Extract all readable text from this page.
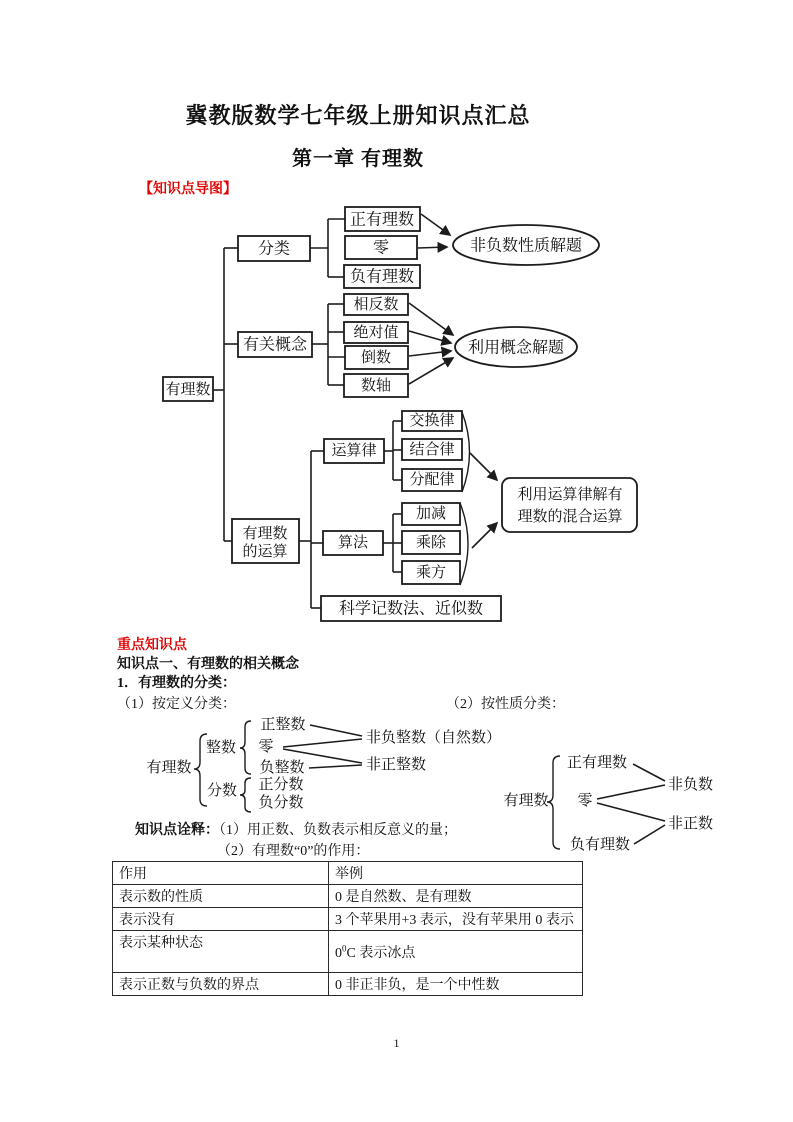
冀教版数学七年级上册知识点汇总
第一章 有理数
【知识点导图】
有理数
分类
正有理数
零
负有理数
有关概念
相反数
绝对值
倒数
数轴
有理数
的运算
运算律
交换律
结合律
分配律
算法
加减
乘除
乘方
科学记数法、近似数
非负数性质解题
利用概念解题
利用运算律解有
理数的混合运算
有理数
整数
正整数
零
负整数
分数 正分数
负分数
非负整数（自然数）
非正整数
有理数
正有理数
零
负有理数
非负数
非正数
重点知识点
知识点一、有理数的相关概念
1．有理数的分类：
（1）按定义分类：	（2）按性质分类：
知识点诠释：（1）用正数、负数表示相反意义的量；
（2）有理数“0”的作用：
作用	举例
表示数的性质	0 是自然数、是有理数
表示没有	3 个苹果用+3 表示，没有苹果用 0 表示
表示某种状态	$0^0C$ 表示冰点
表示正数与负数的界点	0 非正非负，是一个中性数
1
